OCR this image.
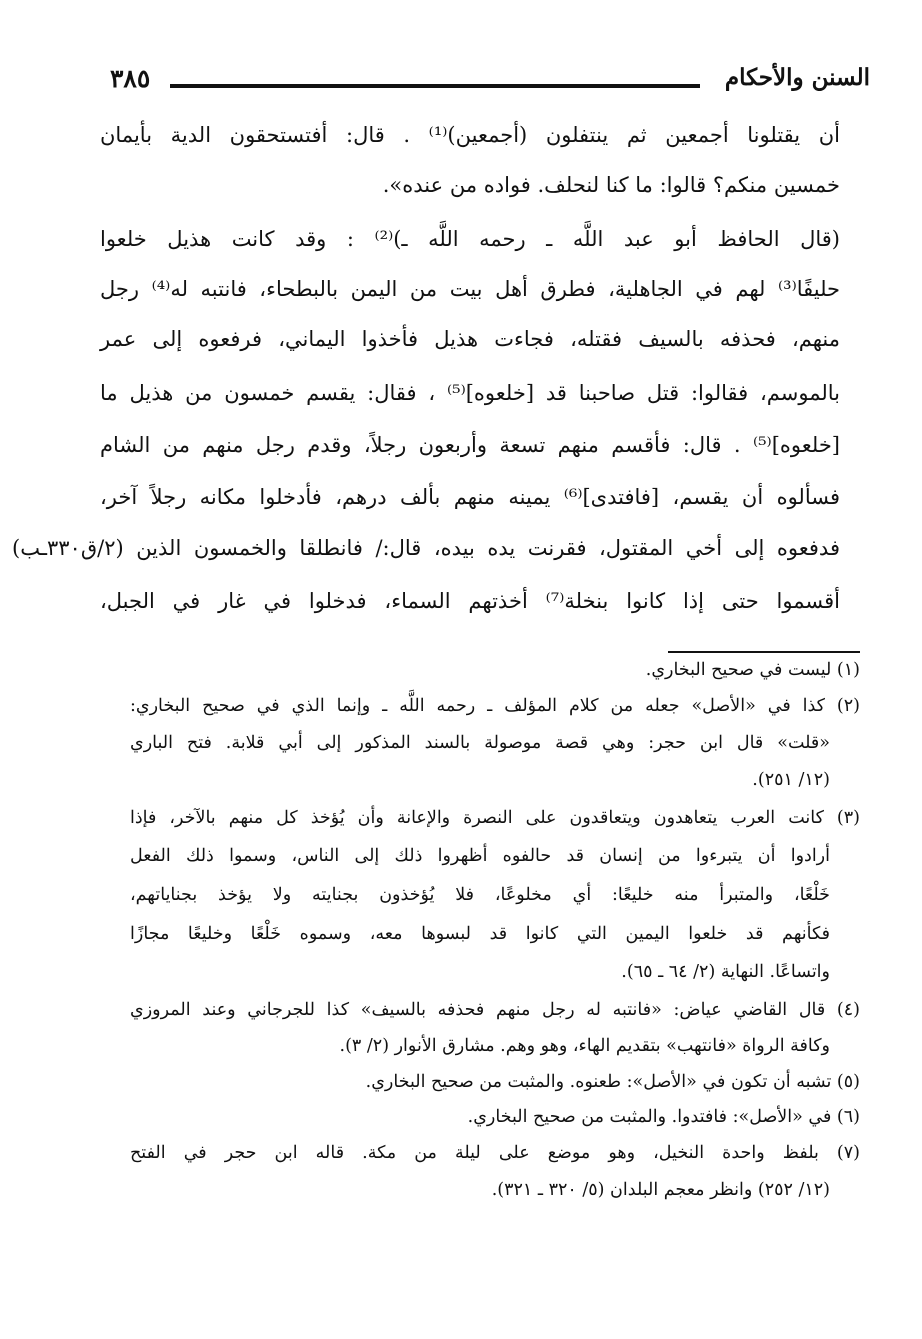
السنن والأحكام
٣٨٥
أن يقتلونا أجمعين ثم ينتفلون (أجمعين)⁽¹⁾ . قال: أفتستحقون الدية بأيمان
خمسين منكم؟ قالوا: ما كنا لنحلف. فواده من عنده».
(قال الحافظ أبو عبد اللَّه ـ رحمه اللَّه ـ)⁽²⁾ : وقد كانت هذيل خلعوا
حليفًا⁽³⁾ لهم في الجاهلية، فطرق أهل بيت من اليمن بالبطحاء، فانتبه له⁽⁴⁾ رجل
منهم، فحذفه بالسيف فقتله، فجاءت هذيل فأخذوا اليماني، فرفعوه إلى عمر
بالموسم، فقالوا: قتل صاحبنا قد [خلعوه]⁽⁵⁾ ، فقال: يقسم خمسون من هذيل ما
[خلعوه]⁽⁵⁾ . قال: فأقسم منهم تسعة وأربعون رجلاً، وقدم رجل منهم من الشام
فسألوه أن يقسم، [فافتدى]⁽⁶⁾ يمينه منهم بألف درهم، فأدخلوا مكانه رجلاً آخر،
فدفعوه إلى أخي المقتول، فقرنت يده بيده، قال:/ فانطلقا والخمسون الذين (٢/ق٣٣٠ـب)
أقسموا حتى إذا كانوا بنخلة⁽⁷⁾ أخذتهم السماء، فدخلوا في غار في الجبل،
(١) ليست في صحيح البخاري.
(٢) كذا في «الأصل» جعله من كلام المؤلف ـ رحمه اللَّه ـ وإنما الذي في صحيح البخاري:
«قلت» قال ابن حجر: وهي قصة موصولة بالسند المذكور إلى أبي قلابة. فتح الباري
(١٢/ ٢٥١).
(٣) كانت العرب يتعاهدون ويتعاقدون على النصرة والإعانة وأن يُؤخذ كل منهم بالآخر، فإذا
أرادوا أن يتبرءوا من إنسان قد حالفوه أظهروا ذلك إلى الناس، وسموا ذلك الفعل
خَلْعًا، والمتبرأ منه خليعًا: أي مخلوعًا، فلا يُؤخذون بجنايته ولا يؤخذ بجناياتهم،
فكأنهم قد خلعوا اليمين التي كانوا قد لبسوها معه، وسموه خَلْعًا وخليعًا مجازًا
واتساعًا. النهاية (٢/ ٦٤ ـ ٦٥).
(٤) قال القاضي عياض: «فانتبه له رجل منهم فحذفه بالسيف» كذا للجرجاني وعند المروزي
وكافة الرواة «فانتهب» بتقديم الهاء، وهو وهم. مشارق الأنوار (٢/ ٣).
(٥) تشبه أن تكون في «الأصل»: طعنوه. والمثبت من صحيح البخاري.
(٦) في «الأصل»: فافتدوا. والمثبت من صحيح البخاري.
(٧) بلفظ واحدة النخيل، وهو موضع على ليلة من مكة. قاله ابن حجر في الفتح
(١٢/ ٢٥٢) وانظر معجم البلدان (٥/ ٣٢٠ ـ ٣٢١).
